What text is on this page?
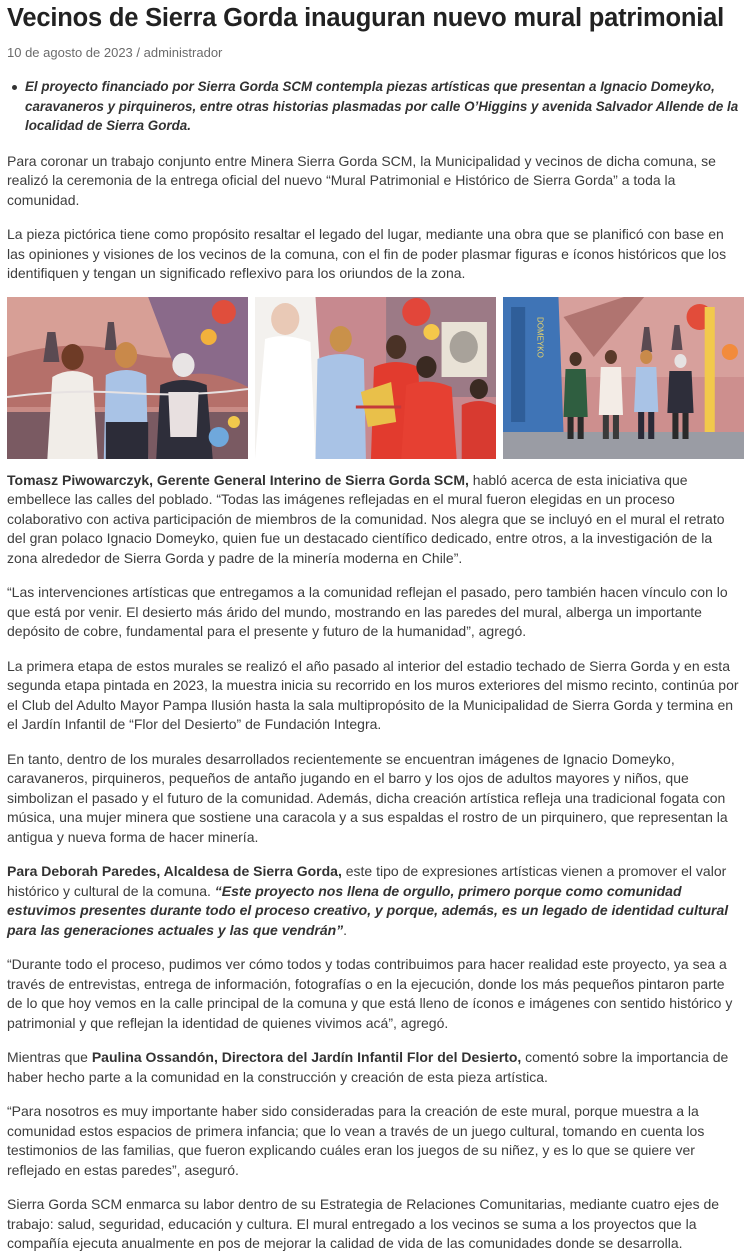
Vecinos de Sierra Gorda inauguran nuevo mural patrimonial
10 de agosto de 2023 / administrador
El proyecto financiado por Sierra Gorda SCM contempla piezas artísticas que presentan a Ignacio Domeyko, caravaneros y pirquineros, entre otras historias plasmadas por calle O’Higgins y avenida Salvador Allende de la localidad de Sierra Gorda.

Para coronar un trabajo conjunto entre Minera Sierra Gorda SCM, la Municipalidad y vecinos de dicha comuna, se realizó la ceremonia de la entrega oficial del nuevo “Mural Patrimonial e Histórico de Sierra Gorda” a toda la comunidad.

La pieza pictórica tiene como propósito resaltar el legado del lugar, mediante una obra que se planificó con base en las opiniones y visiones de los vecinos de la comuna, con el fin de poder plasmar figuras e íconos históricos que los identifiquen y tengan un significado reflexivo para los oriundos de la zona.

DOMEYKO

Tomasz Piwowarczyk, Gerente General Interino de Sierra Gorda SCM, habló acerca de esta iniciativa que embellece las calles del poblado. “Todas las imágenes reflejadas en el mural fueron elegidas en un proceso colaborativo con activa participación de miembros de la comunidad. Nos alegra que se incluyó en el mural el retrato del gran polaco Ignacio Domeyko, quien fue un destacado científico dedicado, entre otros, a la investigación de la zona alrededor de Sierra Gorda y padre de la minería moderna en Chile”.

“Las intervenciones artísticas que entregamos a la comunidad reflejan el pasado, pero también hacen vínculo con lo que está por venir. El desierto más árido del mundo, mostrando en las paredes del mural, alberga un importante depósito de cobre, fundamental para el presente y futuro de la humanidad”, agregó.

La primera etapa de estos murales se realizó el año pasado al interior del estadio techado de Sierra Gorda y en esta segunda etapa pintada en 2023, la muestra inicia su recorrido en los muros exteriores del mismo recinto, continúa por el Club del Adulto Mayor Pampa Ilusión hasta la sala multipropósito de la Municipalidad de Sierra Gorda y termina en el Jardín Infantil de “Flor del Desierto” de Fundación Integra.

En tanto, dentro de los murales desarrollados recientemente se encuentran imágenes de Ignacio Domeyko, caravaneros, pirquineros, pequeños de antaño jugando en el barro y los ojos de adultos mayores y niños, que simbolizan el pasado y el futuro de la comunidad. Además, dicha creación artística refleja una tradicional fogata con música, una mujer minera que sostiene una caracola y a sus espaldas el rostro de un pirquinero, que representan la antigua y nueva forma de hacer minería.

Para Deborah Paredes, Alcaldesa de Sierra Gorda, este tipo de expresiones artísticas vienen a promover el valor histórico y cultural de la comuna. “Este proyecto nos llena de orgullo, primero porque como comunidad estuvimos presentes durante todo el proceso creativo, y porque, además, es un legado de identidad cultural para las generaciones actuales y las que vendrán”.

“Durante todo el proceso, pudimos ver cómo todos y todas contribuimos para hacer realidad este proyecto, ya sea a través de entrevistas, entrega de información, fotografías o en la ejecución, donde los más pequeños pintaron parte de lo que hoy vemos en la calle principal de la comuna y que está lleno de íconos e imágenes con sentido histórico y patrimonial y que reflejan la identidad de quienes vivimos acá”, agregó.

Mientras que Paulina Ossandón, Directora del Jardín Infantil Flor del Desierto, comentó sobre la importancia de haber hecho parte a la comunidad en la construcción y creación de esta pieza artística.

“Para nosotros es muy importante haber sido consideradas para la creación de este mural, porque muestra a la comunidad estos espacios de primera infancia; que lo vean a través de un juego cultural, tomando en cuenta los testimonios de las familias, que fueron explicando cuáles eran los juegos de su niñez, y es lo que se quiere ver reflejado en estas paredes”, aseguró.

Sierra Gorda SCM enmarca su labor dentro de su Estrategia de Relaciones Comunitarias, mediante cuatro ejes de trabajo: salud, seguridad, educación y cultura. El mural entregado a los vecinos se suma a los proyectos que la compañía ejecuta anualmente en pos de mejorar la calidad de vida de las comunidades donde se desarrolla.
